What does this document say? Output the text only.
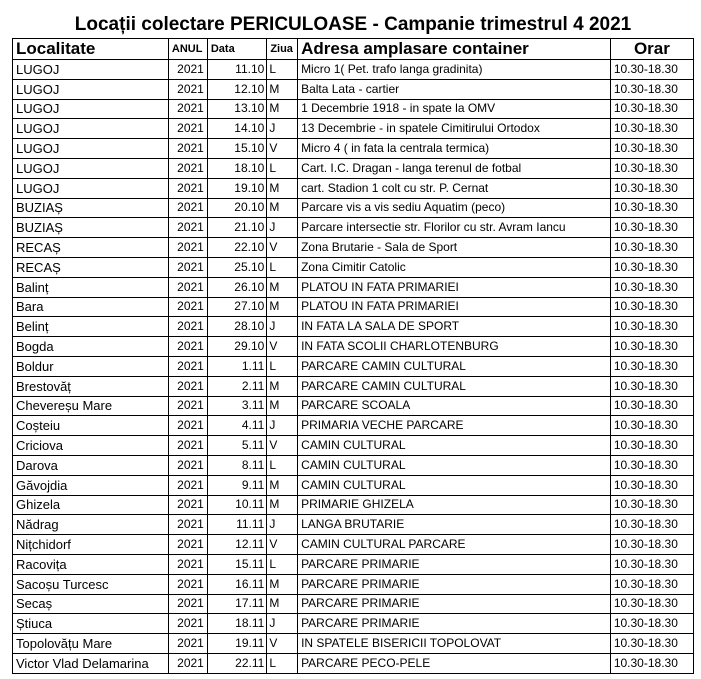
Locații colectare PERICULOASE - Campanie trimestrul 4 2021					
Localitate	ANUL	Data	Ziua	Adresa amplasare container	Orar
LUGOJ	2021	11.10	L	Micro 1( Pet. trafo langa gradinita)	10.30-18.30
LUGOJ	2021	12.10	M	Balta Lata - cartier	10.30-18.30
LUGOJ	2021	13.10	M	1 Decembrie 1918 - in spate la OMV	10.30-18.30
LUGOJ	2021	14.10	J	13 Decembrie - in spatele Cimitirului Ortodox	10.30-18.30
LUGOJ	2021	15.10	V	Micro 4 ( in fata la centrala termica)	10.30-18.30
LUGOJ	2021	18.10	L	Cart. I.C. Dragan - langa terenul de fotbal	10.30-18.30
LUGOJ	2021	19.10	M	cart. Stadion 1 colt cu str. P. Cernat	10.30-18.30
BUZIAȘ	2021	20.10	M	Parcare vis a vis sediu Aquatim (peco)	10.30-18.30
BUZIAȘ	2021	21.10	J	Parcare intersectie str. Florilor cu str. Avram Iancu	10.30-18.30
RECAȘ	2021	22.10	V	Zona Brutarie - Sala de Sport	10.30-18.30
RECAȘ	2021	25.10	L	Zona Cimitir Catolic	10.30-18.30
Balinț	2021	26.10	M	PLATOU IN FATA PRIMARIEI	10.30-18.30
Bara	2021	27.10	M	PLATOU IN FATA PRIMARIEI	10.30-18.30
Belinț	2021	28.10	J	IN FATA LA SALA DE SPORT	10.30-18.30
Bogda	2021	29.10	V	IN FATA SCOLII CHARLOTENBURG	10.30-18.30
Boldur	2021	1.11	L	PARCARE CAMIN CULTURAL	10.30-18.30
Brestovăț	2021	2.11	M	PARCARE CAMIN CULTURAL	10.30-18.30
Chevereșu Mare	2021	3.11	M	PARCARE SCOALA	10.30-18.30
Coșteiu	2021	4.11	J	PRIMARIA VECHE PARCARE	10.30-18.30
Criciova	2021	5.11	V	CAMIN CULTURAL	10.30-18.30
Darova	2021	8.11	L	CAMIN CULTURAL	10.30-18.30
Găvojdia	2021	9.11	M	CAMIN CULTURAL	10.30-18.30
Ghizela	2021	10.11	M	PRIMARIE GHIZELA	10.30-18.30
Nădrag	2021	11.11	J	LANGA BRUTARIE	10.30-18.30
Nițchidorf	2021	12.11	V	CAMIN CULTURAL PARCARE	10.30-18.30
Racovița	2021	15.11	L	PARCARE PRIMARIE	10.30-18.30
Sacoșu Turcesc	2021	16.11	M	PARCARE PRIMARIE	10.30-18.30
Secaș	2021	17.11	M	PARCARE PRIMARIE	10.30-18.30
Știuca	2021	18.11	J	PARCARE PRIMARIE	10.30-18.30
Topolovățu Mare	2021	19.11	V	IN SPATELE BISERICII TOPOLOVAT	10.30-18.30
Victor Vlad Delamarina	2021	22.11	L	PARCARE PECO-PELE	10.30-18.30
